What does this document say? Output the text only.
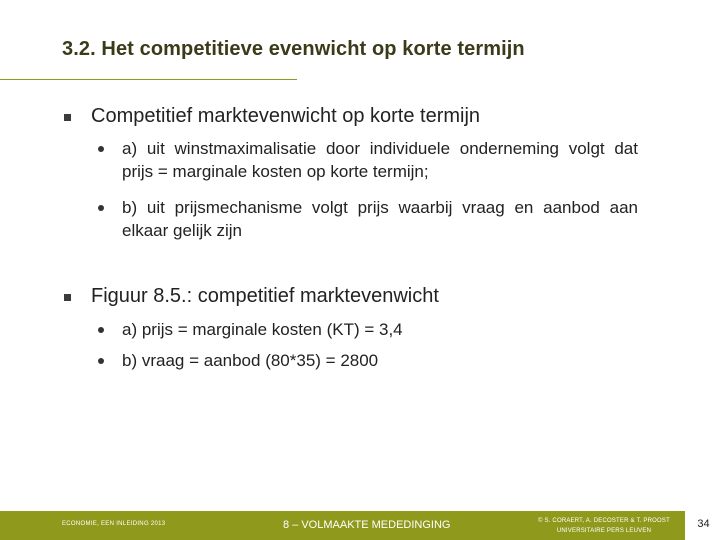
3.2. Het competitieve evenwicht op korte termijn
Competitief marktevenwicht op korte termijn
a) uit winstmaximalisatie door individuele onderneming volgt dat prijs = marginale kosten op korte termijn;
b) uit prijsmechanisme volgt prijs waarbij vraag en aanbod aan elkaar gelijk zijn
Figuur 8.5.: competitief marktevenwicht
a) prijs = marginale kosten (KT) = 3,4
b) vraag = aanbod (80*35) = 2800
ECONOMIE, EEN INLEIDING 2013	8 – VOLMAAKTE MEDEDINGING	© S. CORAERT, A. DECOSTER & T. PROOST
UNIVERSITAIRE PERS LEUVEN
34
